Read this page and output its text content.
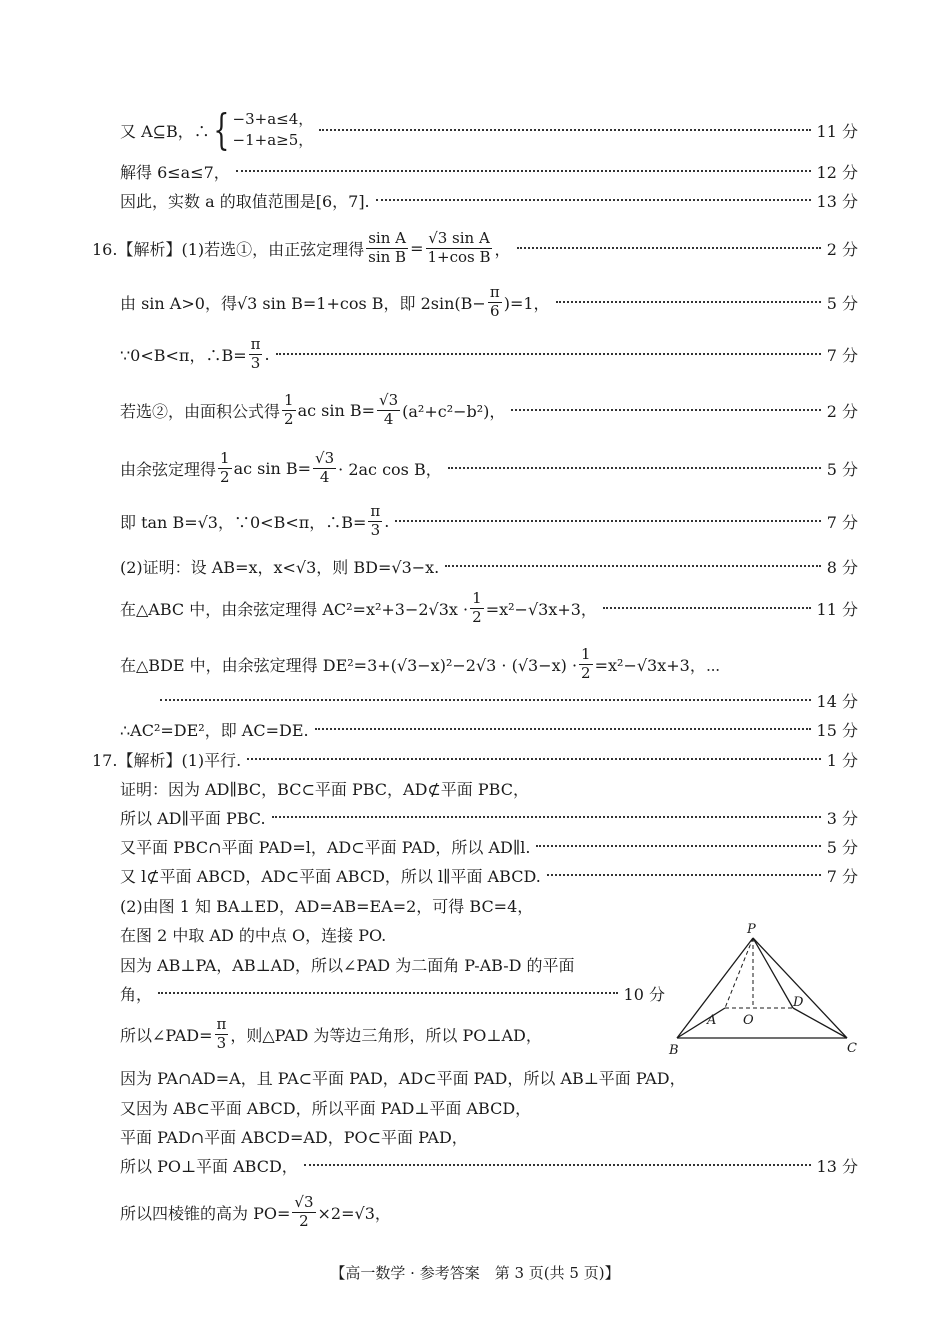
又 A⊆B，∴ { −3+a≤4，
−1+a≥5，	11 分
解得 6≤a≤7，	12 分
因此，实数 a 的取值范围是[6，7].	13 分
16.【解析】(1)若选①，由正弦定理得 $\frac{\text{sin A}}{\text{sin B}} = \frac{\text{√3 sin A}}{\text{1+cos B}}$ ，	2 分
由 sin A>0，得√3 sin B=1+cos B，即 $2\sin(B- \frac{\pi}{6} )=1$，	5 分
∵0<B<π，∴B= $\frac{\pi}{3}$ .	7 分
若选②，由面积公式得 $\frac{1}{2}$ ac $\sin B= \frac{√3}{4} (a^2+c^2-b^2)$，	2 分
由余弦定理得 $\frac{1}{2}$ ac $\sin B= \frac{√3}{4} \cdot 2ac$ cos B，	5 分
即 tan B=√3，∵0<B<π，∴B= $\frac{\pi}{3}$ .	7 分
(2)证明：设 AB=x，x<√3，则 BD=√3−x.	8 分
在△ABC 中，由余弦定理得 $AC^2=x^2+3-2√3x \cdot \frac{1}{2} =x^2-√3x+3$，	11 分
在△BDE 中，由余弦定理得 $DE^2=3+(√3-x)^2-2√3 \cdot (√3-x) \cdot \frac{1}{2} =x^2-√3x+3$，⋯
14 分
∴AC²=DE²，即 AC=DE.	15 分
17.【解析】(1)平行.	1 分
证明：因为 AD∥BC，BC⊂平面 PBC，AD⊄平面 PBC，
所以 AD∥平面 PBC.	3 分
又平面 PBC∩平面 PAD=l，AD⊂平面 PAD，所以 AD∥l.	5 分
又 l⊄平面 ABCD，AD⊂平面 ABCD，所以 l∥平面 ABCD.	7 分
(2)由图 1 知 BA⊥ED，AD=AB=EA=2，可得 BC=4，
在图 2 中取 AD 的中点 O，连接 PO.
因为 AB⊥PA，AB⊥AD，所以∠PAD 为二面角 P-AB-D 的平面
角，	10 分
所以∠PAD= $\frac{\pi}{3}$ ，则△PAD 为等边三角形，所以 PO⊥AD，
因为 PA∩AD=A，且 PA⊂平面 PAD，AD⊂平面 PAD，所以 AB⊥平面 PAD，
又因为 AB⊂平面 ABCD，所以平面 PAD⊥平面 ABCD，
平面 PAD∩平面 ABCD=AD，PO⊂平面 PAD，
所以 PO⊥平面 ABCD，	13 分
所以四棱锥的高为 $PO= \frac{√3}{2} \times 2=√3$，
P
A O
D
B	C
【高一数学 · 参考答案　第 3 页(共 5 页)】
